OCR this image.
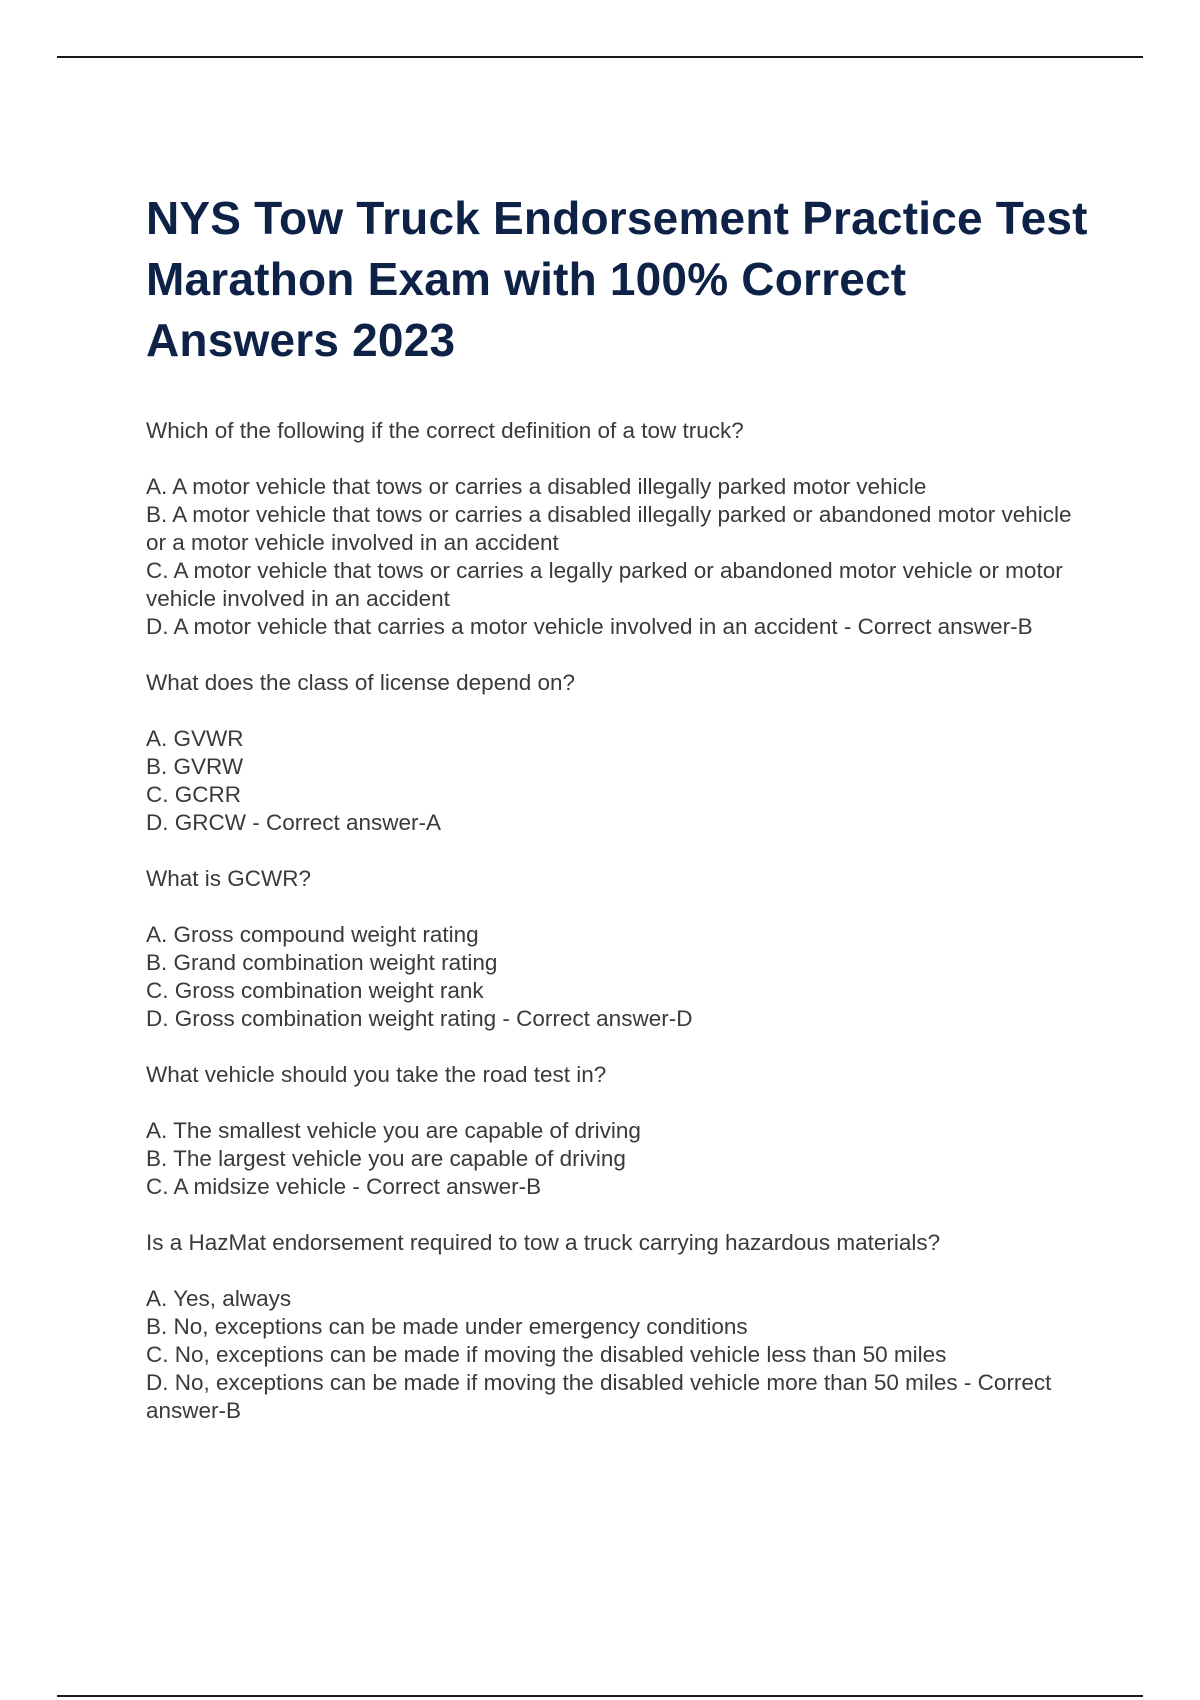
NYS Tow Truck Endorsement Practice Test Marathon Exam with 100% Correct Answers 2023

Which of the following if the correct definition of a tow truck?

A. A motor vehicle that tows or carries a disabled illegally parked motor vehicle

B. A motor vehicle that tows or carries a disabled illegally parked or abandoned motor vehicle or a motor vehicle involved in an accident

C. A motor vehicle that tows or carries a legally parked or abandoned motor vehicle or motor vehicle involved in an accident

D. A motor vehicle that carries a motor vehicle involved in an accident - Correct answer-B

What does the class of license depend on?

A. GVWR

B. GVRW

C. GCRR

D. GRCW - Correct answer-A

What is GCWR?

A. Gross compound weight rating

B. Grand combination weight rating

C. Gross combination weight rank

D. Gross combination weight rating - Correct answer-D

What vehicle should you take the road test in?

A. The smallest vehicle you are capable of driving

B. The largest vehicle you are capable of driving

C. A midsize vehicle - Correct answer-B

Is a HazMat endorsement required to tow a truck carrying hazardous materials?

A. Yes, always

B. No, exceptions can be made under emergency conditions

C. No, exceptions can be made if moving the disabled vehicle less than 50 miles

D. No, exceptions can be made if moving the disabled vehicle more than 50 miles - Correct answer-B
